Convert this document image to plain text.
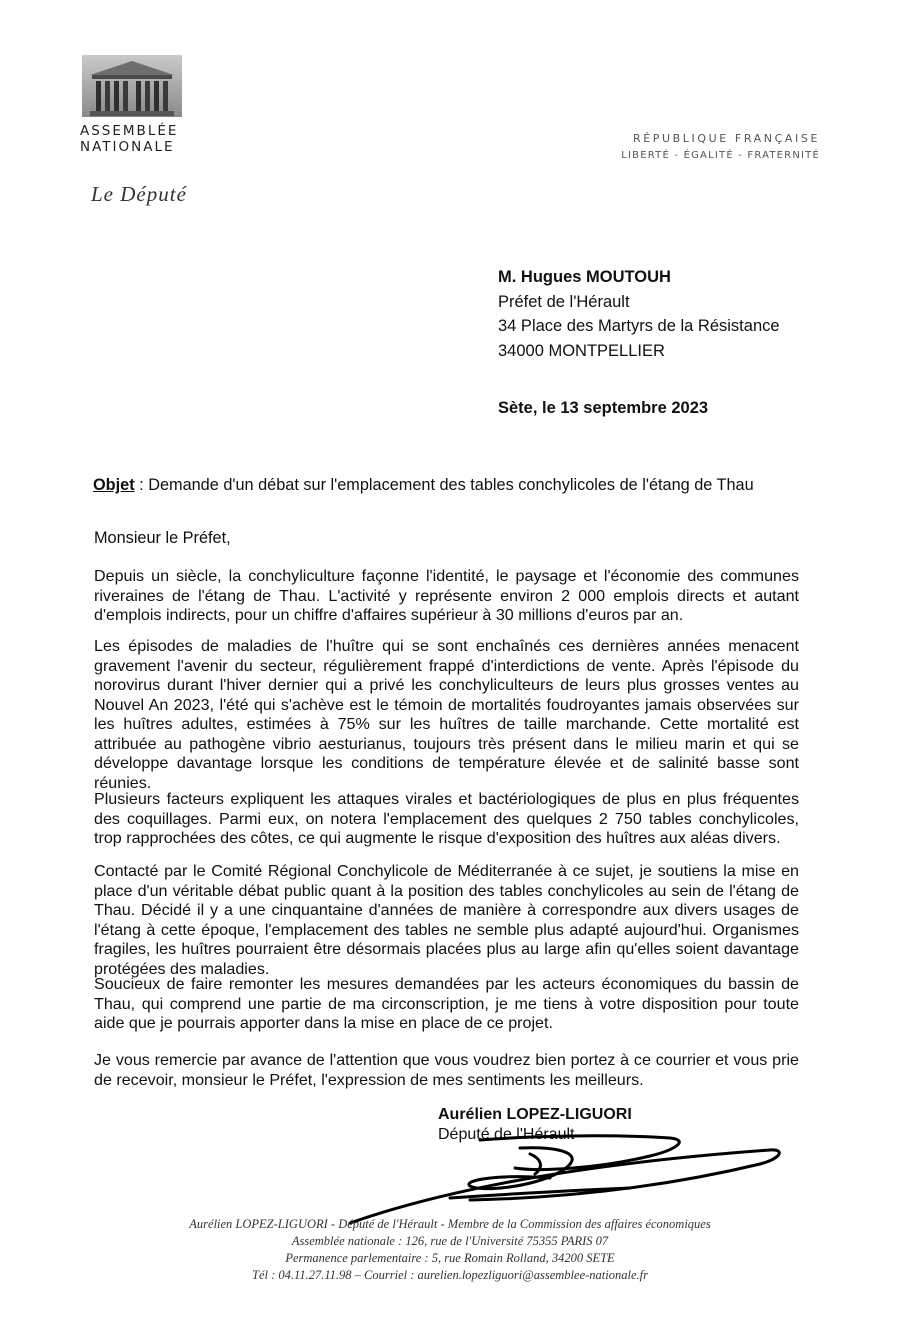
ASSEMBLÉE
NATIONALE
Le Député
RÉPUBLIQUE FRANÇAISE
LIBERTÉ - ÉGALITÉ - FRATERNITÉ
M. Hugues MOUTOUH
Préfet de l'Hérault
34 Place des Martyrs de la Résistance
34000 MONTPELLIER
Sète, le 13 septembre 2023
Objet : Demande d'un débat sur l'emplacement des tables conchylicoles de l'étang de Thau
Monsieur le Préfet,

Depuis un siècle, la conchyliculture façonne l'identité, le paysage et l'économie des communes riveraines de l'étang de Thau. L'activité y représente environ 2 000 emplois directs et autant d'emplois indirects, pour un chiffre d'affaires supérieur à 30 millions d'euros par an.

Les épisodes de maladies de l'huître qui se sont enchaînés ces dernières années menacent gravement l'avenir du secteur, régulièrement frappé d'interdictions de vente. Après l'épisode du norovirus durant l'hiver dernier qui a privé les conchyliculteurs de leurs plus grosses ventes au Nouvel An 2023, l'été qui s'achève est le témoin de mortalités foudroyantes jamais observées sur les huîtres adultes, estimées à 75% sur les huîtres de taille marchande. Cette mortalité est attribuée au pathogène vibrio aesturianus, toujours très présent dans le milieu marin et qui se développe davantage lorsque les conditions de température élevée et de salinité basse sont réunies.

Plusieurs facteurs expliquent les attaques virales et bactériologiques de plus en plus fréquentes des coquillages. Parmi eux, on notera l'emplacement des quelques 2 750 tables conchylicoles, trop rapprochées des côtes, ce qui augmente le risque d'exposition des huîtres aux aléas divers.

Contacté par le Comité Régional Conchylicole de Méditerranée à ce sujet, je soutiens la mise en place d'un véritable débat public quant à la position des tables conchylicoles au sein de l'étang de Thau. Décidé il y a une cinquantaine d'années de manière à correspondre aux divers usages de l'étang à cette époque, l'emplacement des tables ne semble plus adapté aujourd'hui. Organismes fragiles, les huîtres pourraient être désormais placées plus au large afin qu'elles soient davantage protégées des maladies.

Soucieux de faire remonter les mesures demandées par les acteurs économiques du bassin de Thau, qui comprend une partie de ma circonscription, je me tiens à votre disposition pour toute aide que je pourrais apporter dans la mise en place de ce projet.

Je vous remercie par avance de l'attention que vous voudrez bien portez à ce courrier et vous prie de recevoir, monsieur le Préfet, l'expression de mes sentiments les meilleurs.

Aurélien LOPEZ-LIGUORI
Député de l'Hérault
Aurélien LOPEZ-LIGUORI - Député de l'Hérault - Membre de la Commission des affaires économiques
Assemblée nationale : 126, rue de l'Université 75355 PARIS 07
Permanence parlementaire : 5, rue Romain Rolland, 34200 SETE
Tél : 04.11.27.11.98 – Courriel : aurelien.lopezliguori@assemblee-nationale.fr
